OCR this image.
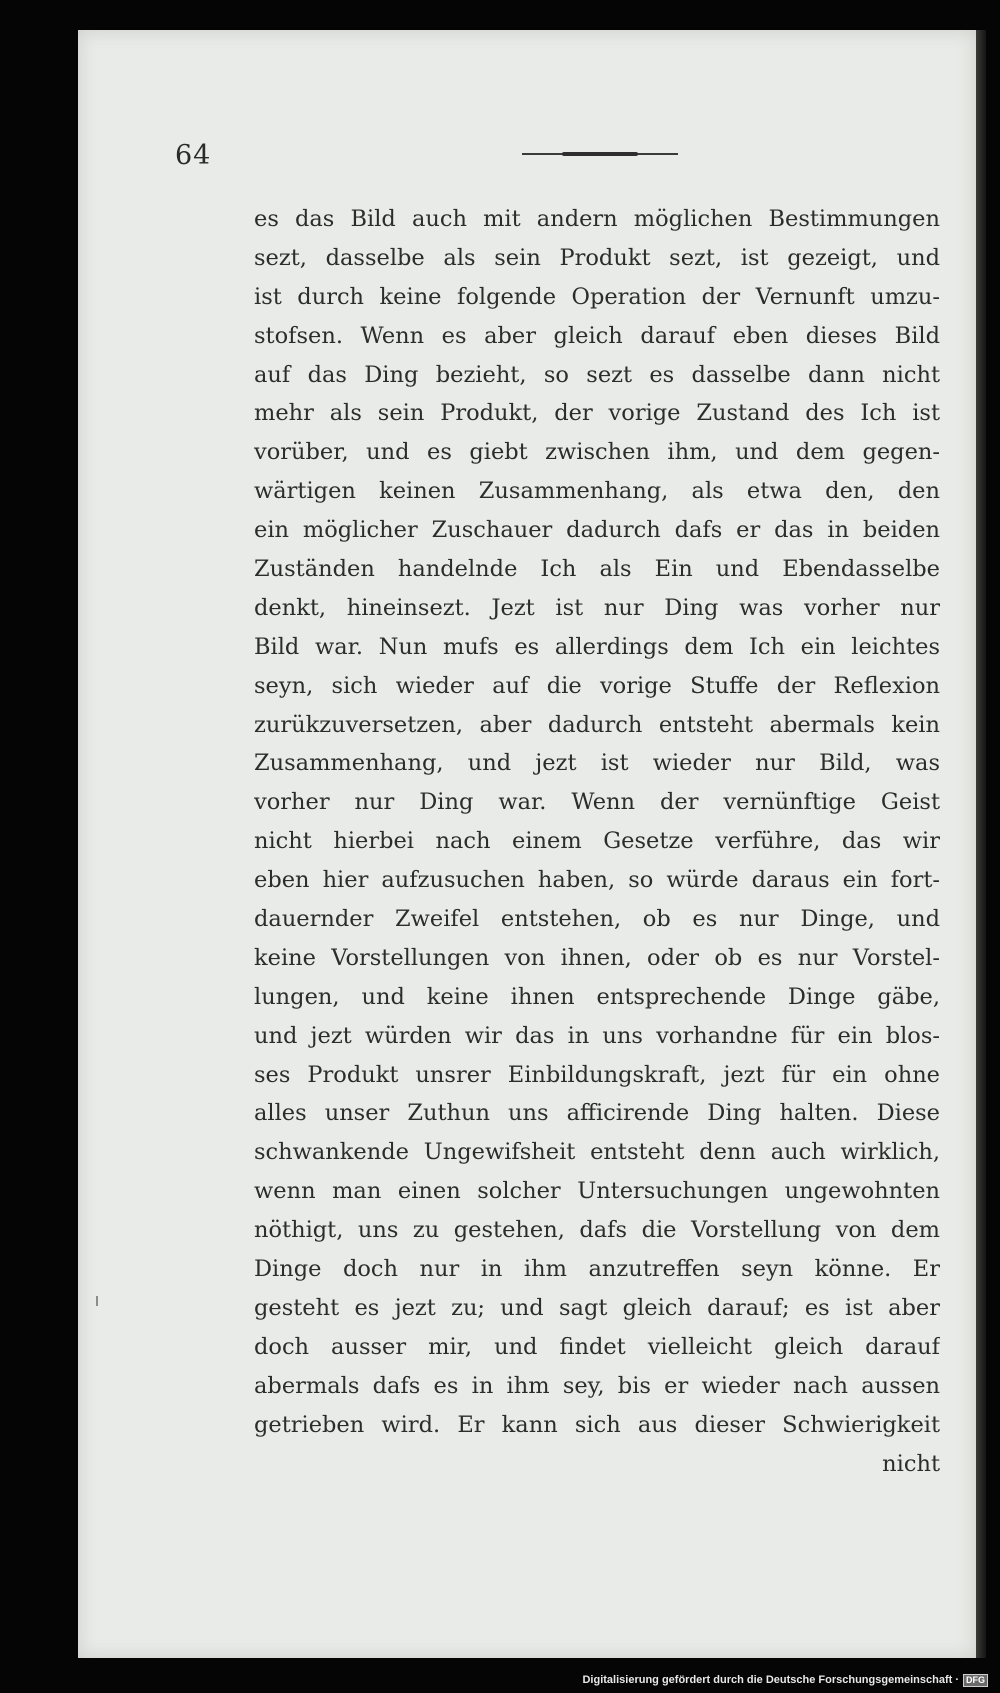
64
es das Bild auch mit andern möglichen Bestimmungen
sezt, dasselbe als sein Produkt sezt, ist gezeigt, und
ist durch keine folgende Operation der Vernunft umzu-
stofsen. Wenn es aber gleich darauf eben dieses Bild
auf das Ding bezieht, so sezt es dasselbe dann nicht
mehr als sein Produkt, der vorige Zustand des Ich ist
vorüber, und es giebt zwischen ihm, und dem gegen-
wärtigen keinen Zusammenhang, als etwa den, den
ein möglicher Zuschauer dadurch dafs er das in beiden
Zuständen handelnde Ich als Ein und Ebendasselbe
denkt, hineinsezt. Jezt ist nur Ding was vorher nur
Bild war. Nun mufs es allerdings dem Ich ein leichtes
seyn, sich wieder auf die vorige Stuffe der Reflexion
zurükzuversetzen, aber dadurch entsteht abermals kein
Zusammenhang, und jezt ist wieder nur Bild, was
vorher nur Ding war. Wenn der vernünftige Geist
nicht hierbei nach einem Gesetze verführe, das wir
eben hier aufzusuchen haben, so würde daraus ein fort-
dauernder Zweifel entstehen, ob es nur Dinge, und
keine Vorstellungen von ihnen, oder ob es nur Vorstel-
lungen, und keine ihnen entsprechende Dinge gäbe,
und jezt würden wir das in uns vorhandne für ein blos-
ses Produkt unsrer Einbildungskraft, jezt für ein ohne
alles unser Zuthun uns afficirende Ding halten. Diese
schwankende Ungewifsheit entsteht denn auch wirklich,
wenn man einen solcher Untersuchungen ungewohnten
nöthigt, uns zu gestehen, dafs die Vorstellung von dem
Dinge doch nur in ihm anzutreffen seyn könne. Er
gesteht es jezt zu; und sagt gleich darauf; es ist aber
doch ausser mir, und findet vielleicht gleich darauf
abermals dafs es in ihm sey, bis er wieder nach aussen
getrieben wird. Er kann sich aus dieser Schwierigkeit
nicht
Digitalisierung gefördert durch die Deutsche Forschungsgemeinschaft · DFG
